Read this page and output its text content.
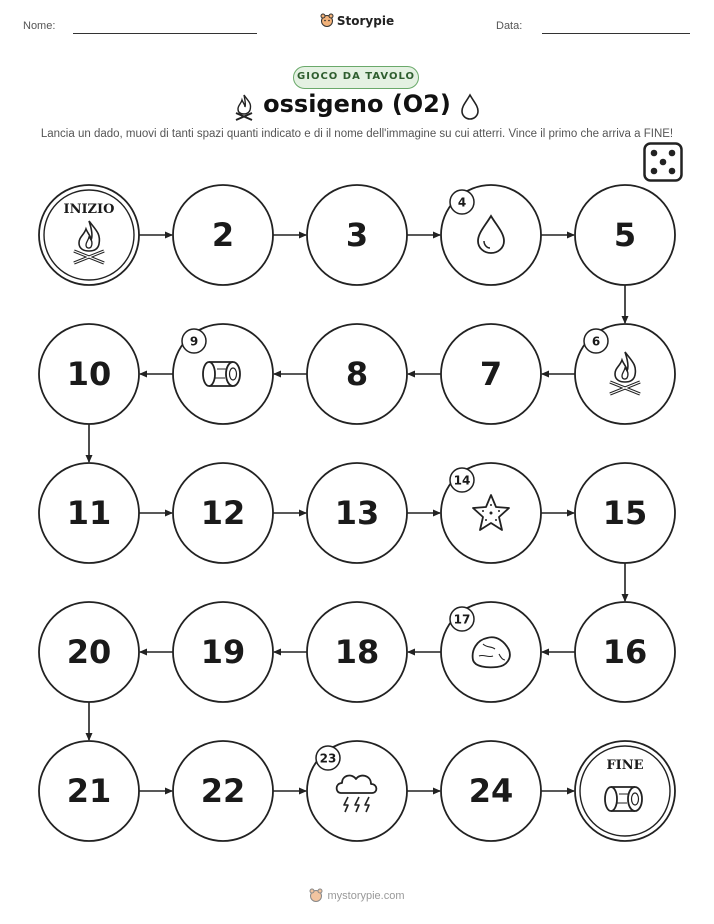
Nome:	Storypie	Data:
GIOCO DA TAVOLO
ossigeno (O2)
Lancia un dado, muovi di tanti spazi quanti indicato e di il nome dell'immagine su cui atterri. Vince il primo che arriva a FINE!
INIZIO
2	3
4
5
6
7
8
9
10
11	12	13
14
15
16
17
18
19
20
21	22
23
24
FINE
mystorypie.com
